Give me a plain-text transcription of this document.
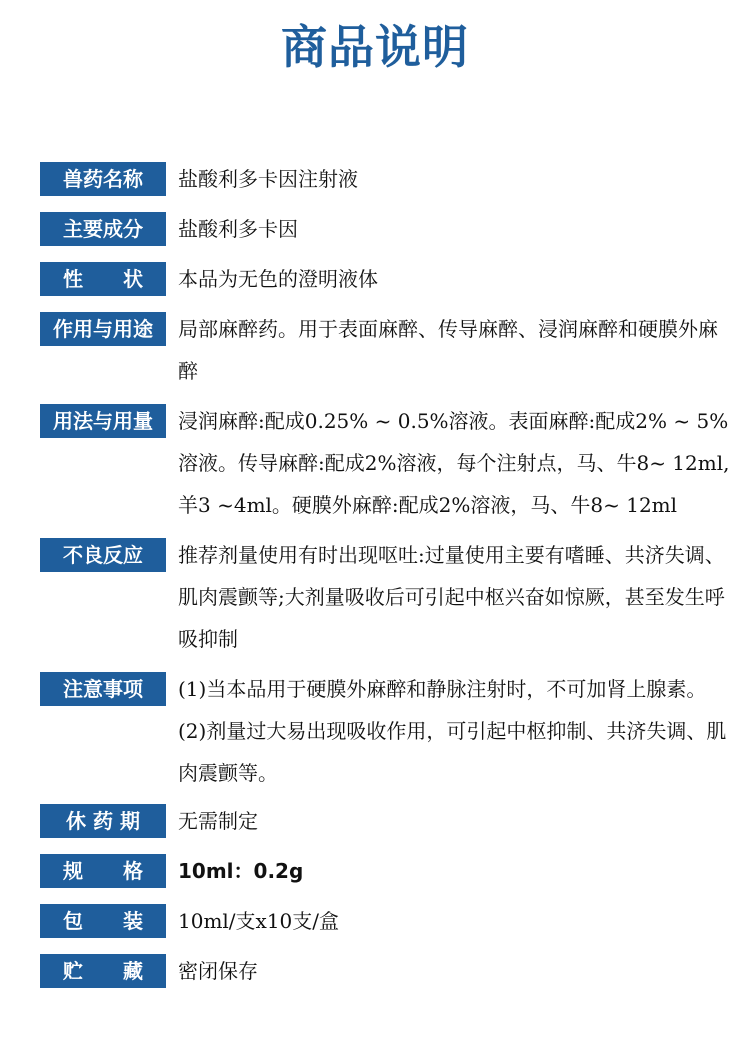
商品说明
兽药名称	盐酸利多卡因注射液
主要成分	盐酸利多卡因
性　　状	本品为无色的澄明液体
作用与用途	局部麻醉药。用于表面麻醉、传导麻醉、浸润麻醉和硬膜外麻醉
用法与用量	浸润麻醉:配成0.25% ~ 0.5%溶液。表面麻醉:配成2% ~ 5%溶液。传导麻醉:配成2%溶液，每个注射点，马、牛8~ 12ml,羊3 ~4ml。硬膜外麻醉:配成2%溶液，马、牛8~ 12ml
不良反应	推荐剂量使用有时出现呕吐:过量使用主要有嗜睡、共济失调、肌肉震颤等;大剂量吸收后可引起中枢兴奋如惊厥，甚至发生呼吸抑制
注意事项	(1)当本品用于硬膜外麻醉和静脉注射时，不可加肾上腺素。

(2)剂量过大易出现吸收作用，可引起中枢抑制、共济失调、肌肉震颤等。

休 药 期	无需制定
规　　格	10ml：0.2g
包　　装	10ml/支x10支/盒
贮　　藏	密闭保存
